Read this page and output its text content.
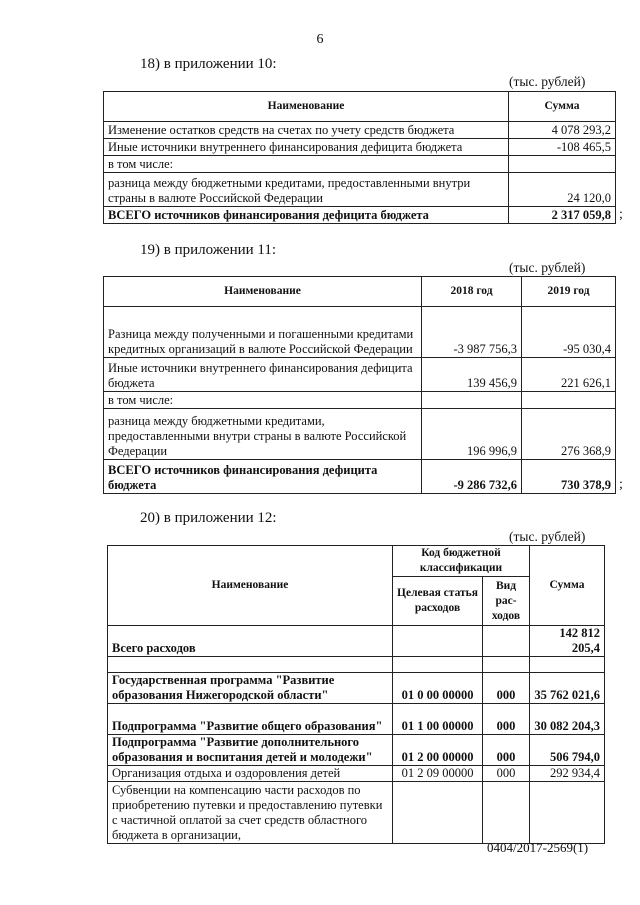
6
18) в приложении 10:
(тыс. рублей)
Наименование	Сумма
Изменение остатков средств на счетах по учету средств бюджета	4 078 293,2
Иные источники внутреннего финансирования дефицита бюджета	-108 465,5
в том числе:	
разница между бюджетными кредитами, предоставленными внутри страны в валюте Российской Федерации	24 120,0
ВСЕГО источников финансирования дефицита бюджета	2 317 059,8 ;
19) в приложении 11:
(тыс. рублей)
Наименование	2018 год	2019 год
Разница между полученными и погашенными кредитами кредитных организаций в валюте Российской Федерации	-3 987 756,3	-95 030,4
Иные источники внутреннего финансирования дефицита бюджета	139 456,9	221 626,1
в том числе:		
разница между бюджетными кредитами, предоставленными внутри страны в валюте Российской Федерации	196 996,9	276 368,9
ВСЕГО источников финансирования дефицита бюджета	-9 286 732,6	730 378,9 ;
20) в приложении 12:
(тыс. рублей)
Наименование	Код бюджетной классификации		Сумма
	Целевая статья расходов	Вид рас- ходов	
Всего расходов			142 812 205,4

Государственная программа "Развитие образования Нижегородской области"	01 0 00 00000	000	35 762 021,6
Подпрограмма "Развитие общего образования"	01 1 00 00000	000	30 082 204,3
Подпрограмма "Развитие дополнительного образования и воспитания детей и молодежи"	01 2 00 00000	000	506 794,0
Организация отдыха и оздоровления детей	01 2 09 00000	000	292 934,4
Субвенции на компенсацию части расходов по приобретению путевки и предоставлению путевки с частичной оплатой за счет средств областного бюджета в организации,			
0404/2017-2569(1)
